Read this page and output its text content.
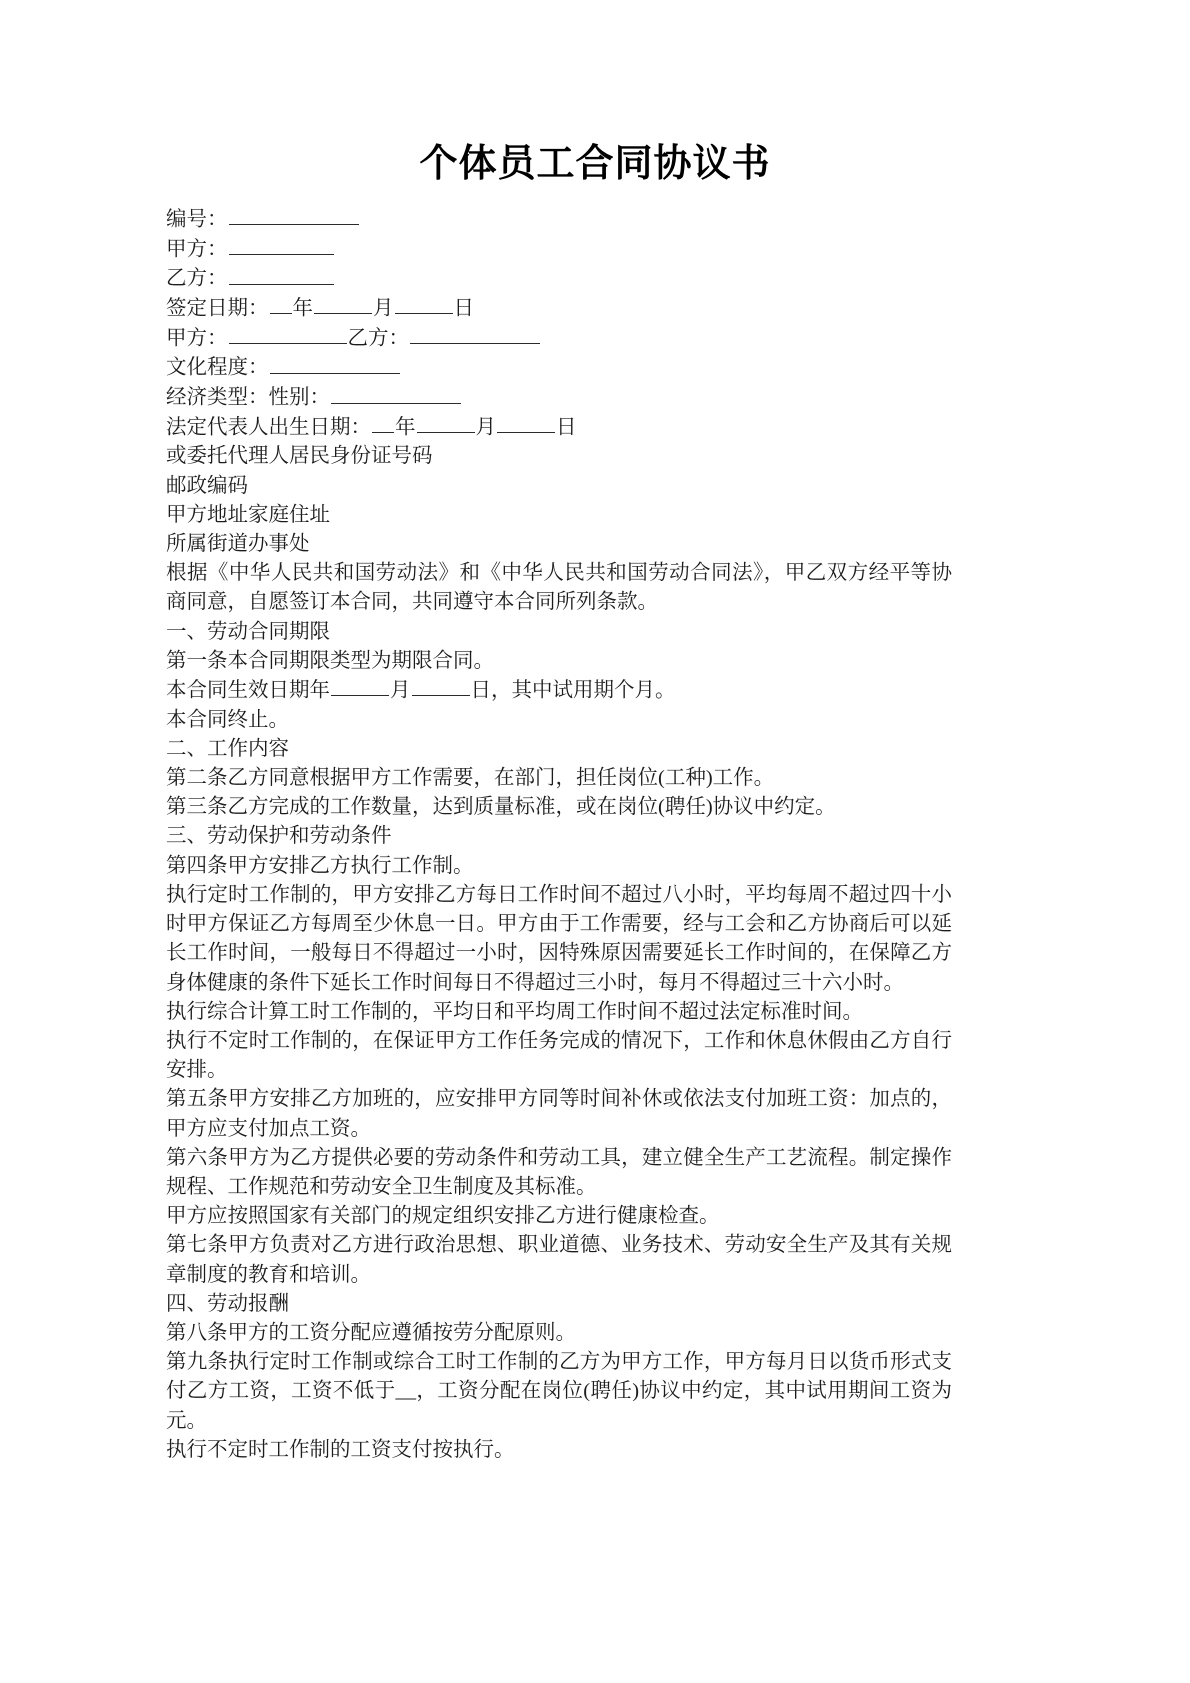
个体员工合同协议书
编号：
甲方：
乙方：
签定日期： 年	月	日
甲方：	乙方：
文化程度：
经济类型：性别：
法定代表人出生日期： 年	月	日
或委托代理人居民身份证号码
邮政编码
甲方地址家庭住址
所属街道办事处
根据《中华人民共和国劳动法》和《中华人民共和国劳动合同法》，甲乙双方经平等协商同意，自愿签订本合同，共同遵守本合同所列条款。
一、劳动合同期限
第一条本合同期限类型为期限合同。
本合同生效日期年	月	日，其中试用期个月。
本合同终止。
二、工作内容
第二条乙方同意根据甲方工作需要，在部门，担任岗位(工种)工作。
第三条乙方完成的工作数量，达到质量标准，或在岗位(聘任)协议中约定。
三、劳动保护和劳动条件
第四条甲方安排乙方执行工作制。
执行定时工作制的，甲方安排乙方每日工作时间不超过八小时，平均每周不超过四十小时甲方保证乙方每周至少休息一日。甲方由于工作需要，经与工会和乙方协商后可以延长工作时间，一般每日不得超过一小时，因特殊原因需要延长工作时间的，在保障乙方身体健康的条件下延长工作时间每日不得超过三小时，每月不得超过三十六小时。
执行综合计算工时工作制的，平均日和平均周工作时间不超过法定标准时间。
执行不定时工作制的，在保证甲方工作任务完成的情况下，工作和休息休假由乙方自行安排。
第五条甲方安排乙方加班的，应安排甲方同等时间补休或依法支付加班工资：加点的，甲方应支付加点工资。
第六条甲方为乙方提供必要的劳动条件和劳动工具，建立健全生产工艺流程。制定操作规程、工作规范和劳动安全卫生制度及其标准。
甲方应按照国家有关部门的规定组织安排乙方进行健康检查。
第七条甲方负责对乙方进行政治思想、职业道德、业务技术、劳动安全生产及其有关规章制度的教育和培训。
四、劳动报酬
第八条甲方的工资分配应遵循按劳分配原则。
第九条执行定时工作制或综合工时工作制的乙方为甲方工作，甲方每月日以货币形式支付乙方工资，工资不低于__，工资分配在岗位(聘任)协议中约定，其中试用期间工资为元。
执行不定时工作制的工资支付按执行。
